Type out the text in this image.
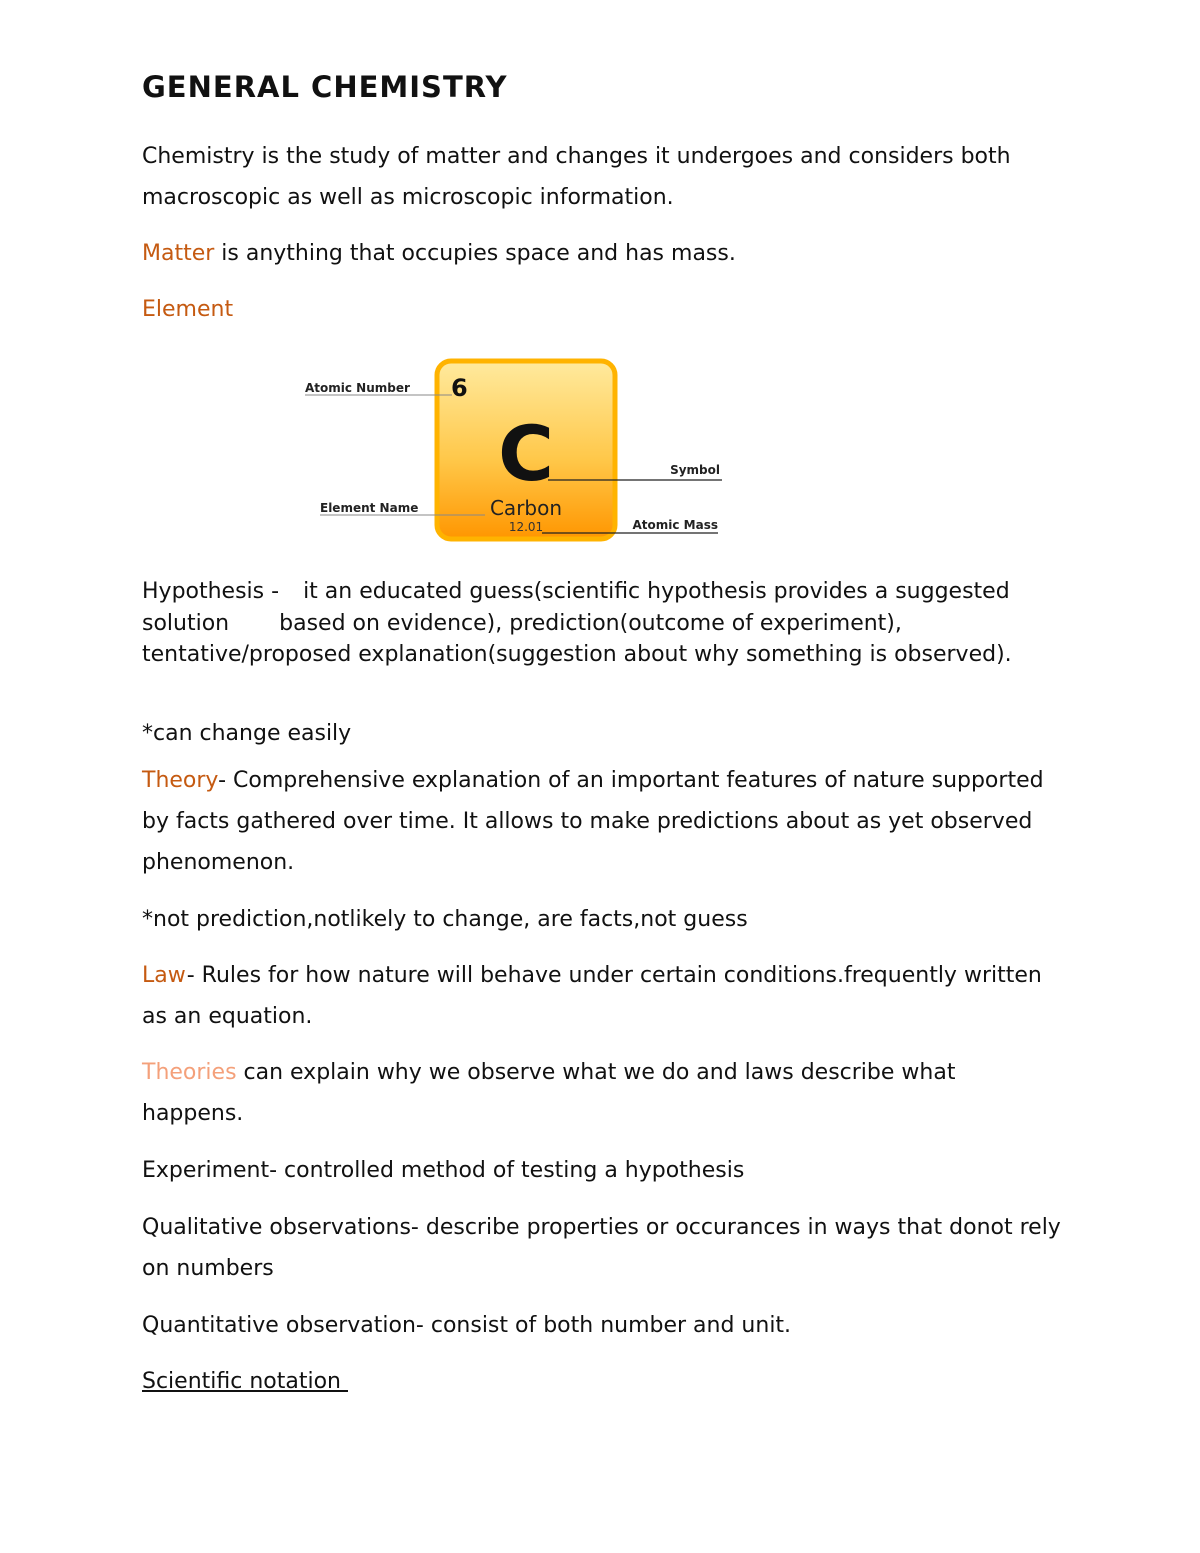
GENERAL CHEMISTRY

Chemistry is the study of matter and changes it undergoes and considers both macroscopic as well as microscopic information.

Matter is anything that occupies space and has mass.

Element

6
C
Carbon
12.01
Atomic Number
Element Name
Symbol
Atomic Mass

Hypothesis - it an educated guess(scientific hypothesis provides a suggested solution based on evidence), prediction(outcome of experiment), tentative/proposed explanation(suggestion about why something is observed).

*can change easily

Theory- Comprehensive explanation of an important features of nature supported by facts gathered over time. It allows to make predictions about as yet observed phenomenon.

*not prediction,notlikely to change, are facts,not guess

Law- Rules for how nature will behave under certain conditions.frequently written as an equation.

Theories can explain why we observe what we do and laws describe what happens.

Experiment- controlled method of testing a hypothesis

Qualitative observations- describe properties or occurances in ways that donot rely on numbers

Quantitative observation- consist of both number and unit.

Scientific notation
